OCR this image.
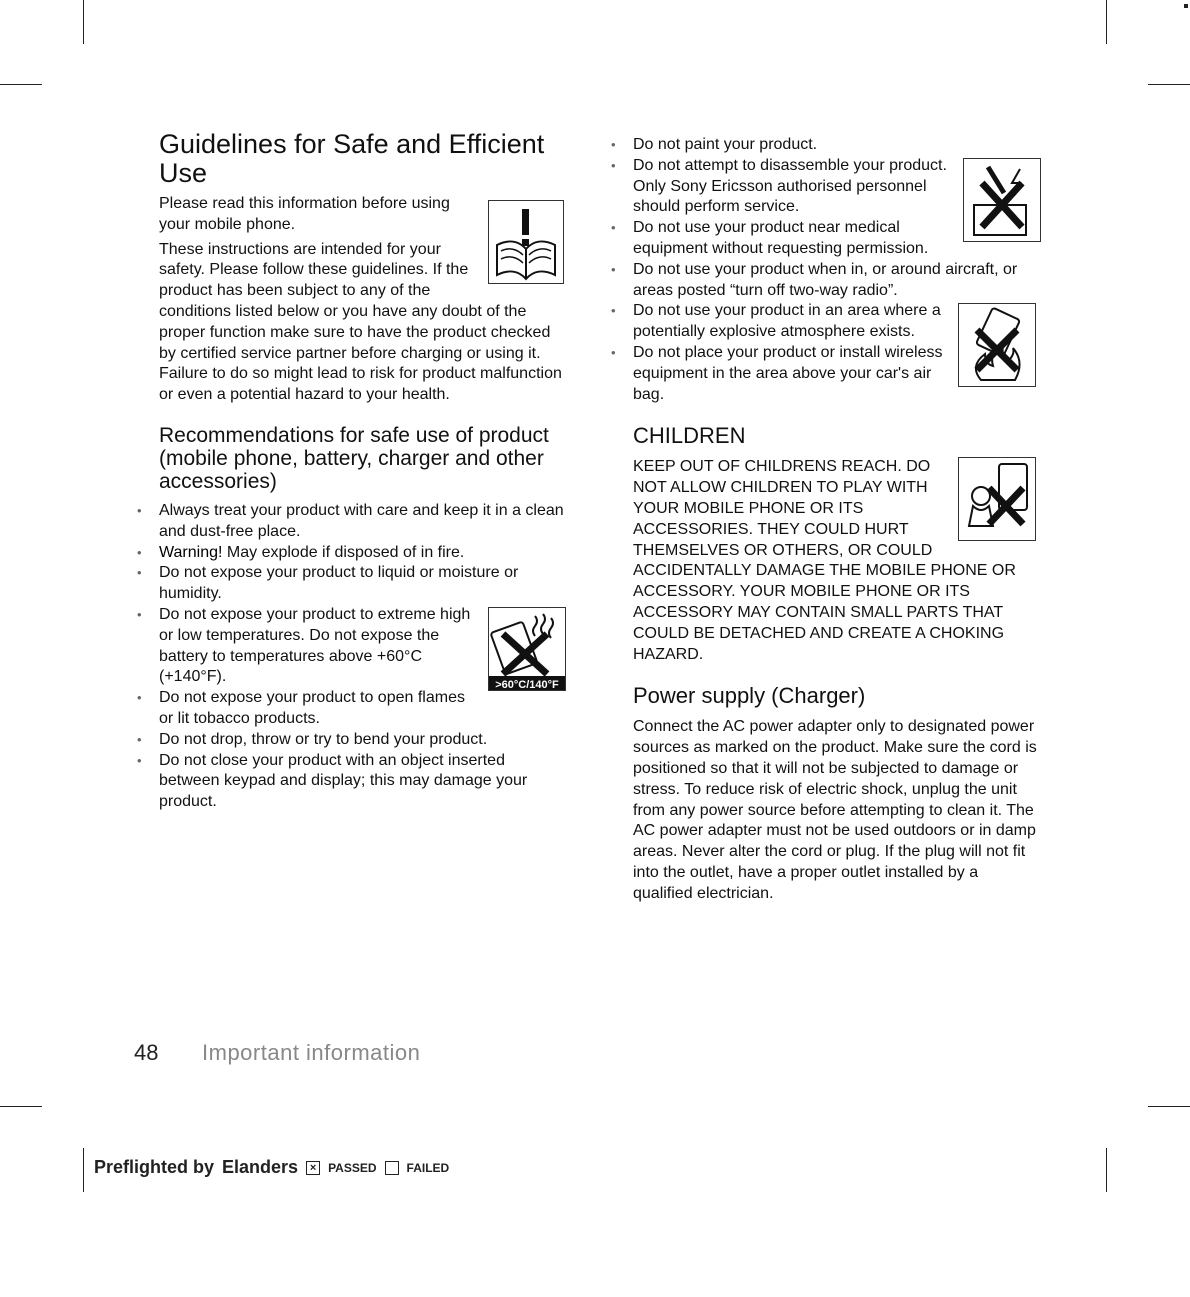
Guidelines for Safe and Efficient Use

Please read this information before using your mobile phone.

These instructions are intended for your safety. Please follow these guidelines. If the product has been subject to any of the conditions listed below or you have any doubt of the proper function make sure to have the product checked by certified service partner before charging or using it. Failure to do so might lead to risk for product malfunction or even a potential hazard to your health.

Recommendations for safe use of product (mobile phone, battery, charger and other accessories)
• Always treat your product with care and keep it in a clean and dust-free place.
• Warning! May explode if disposed of in fire.
• Do not expose your product to liquid or moisture or humidity.
• >60°C/140°F
Do not expose your product to extreme high or low temperatures. Do not expose the battery to temperatures above +60°C (+140°F).
• Do not expose your product to open flames or lit tobacco products.
• Do not drop, throw or try to bend your product.
• Do not close your product with an object inserted between keypad and display; this may damage your product.
• Do not paint your product.
• Do not attempt to disassemble your product. Only Sony Ericsson authorised personnel should perform service.
• Do not use your product near medical equipment without requesting permission.
• Do not use your product when in, or around aircraft, or areas posted “turn off two-way radio”.
• Do not use your product in an area where a potentially explosive atmosphere exists.
• Do not place your product or install wireless equipment in the area above your car's air bag.
CHILDREN

KEEP OUT OF CHILDRENS REACH. DO NOT ALLOW CHILDREN TO PLAY WITH YOUR MOBILE PHONE OR ITS ACCESSORIES. THEY COULD HURT THEMSELVES OR OTHERS, OR COULD ACCIDENTALLY DAMAGE THE MOBILE PHONE OR ACCESSORY. YOUR MOBILE PHONE OR ITS ACCESSORY MAY CONTAIN SMALL PARTS THAT COULD BE DETACHED AND CREATE A CHOKING HAZARD.

Power supply (Charger)

Connect the AC power adapter only to designated power sources as marked on the product. Make sure the cord is positioned so that it will not be subjected to damage or stress. To reduce risk of electric shock, unplug the unit from any power source before attempting to clean it. The AC power adapter must not be used outdoors or in damp areas. Never alter the cord or plug. If the plug will not fit into the outlet, have a proper outlet installed by a qualified electrician.

48 Important information
Preflighted by Elanders	× PASSED	FAILED
